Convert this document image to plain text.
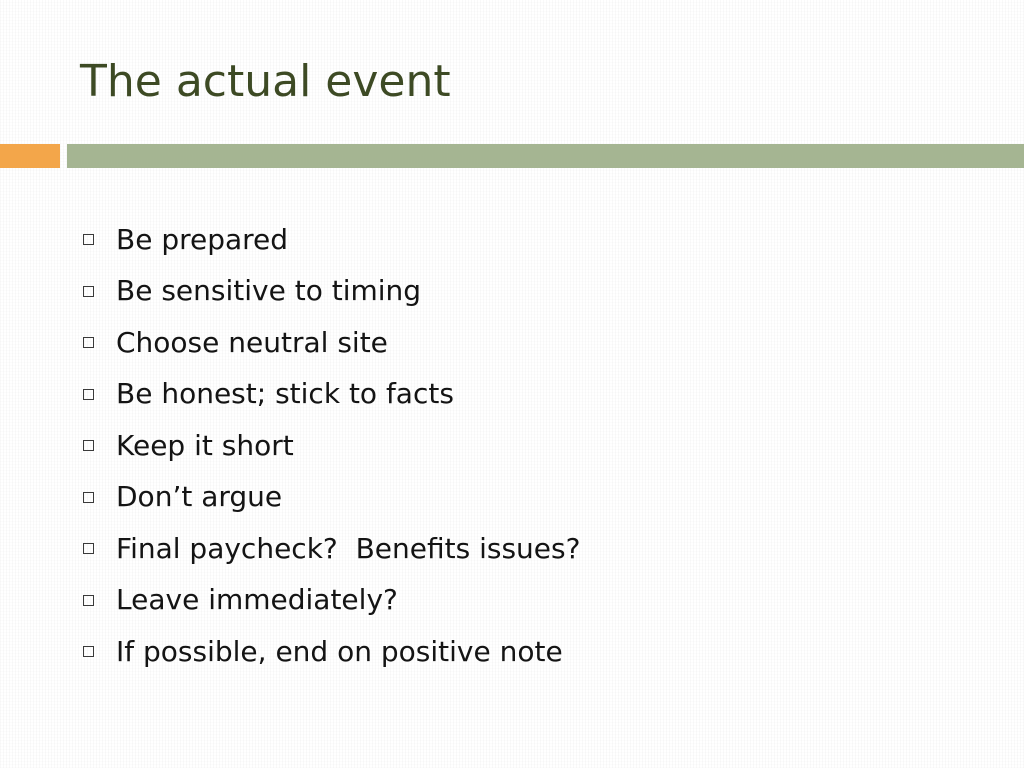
The actual event
Be prepared
Be sensitive to timing
Choose neutral site
Be honest; stick to facts
Keep it short
Don’t argue
Final paycheck?  Benefits issues?
Leave immediately?
If possible, end on positive note
